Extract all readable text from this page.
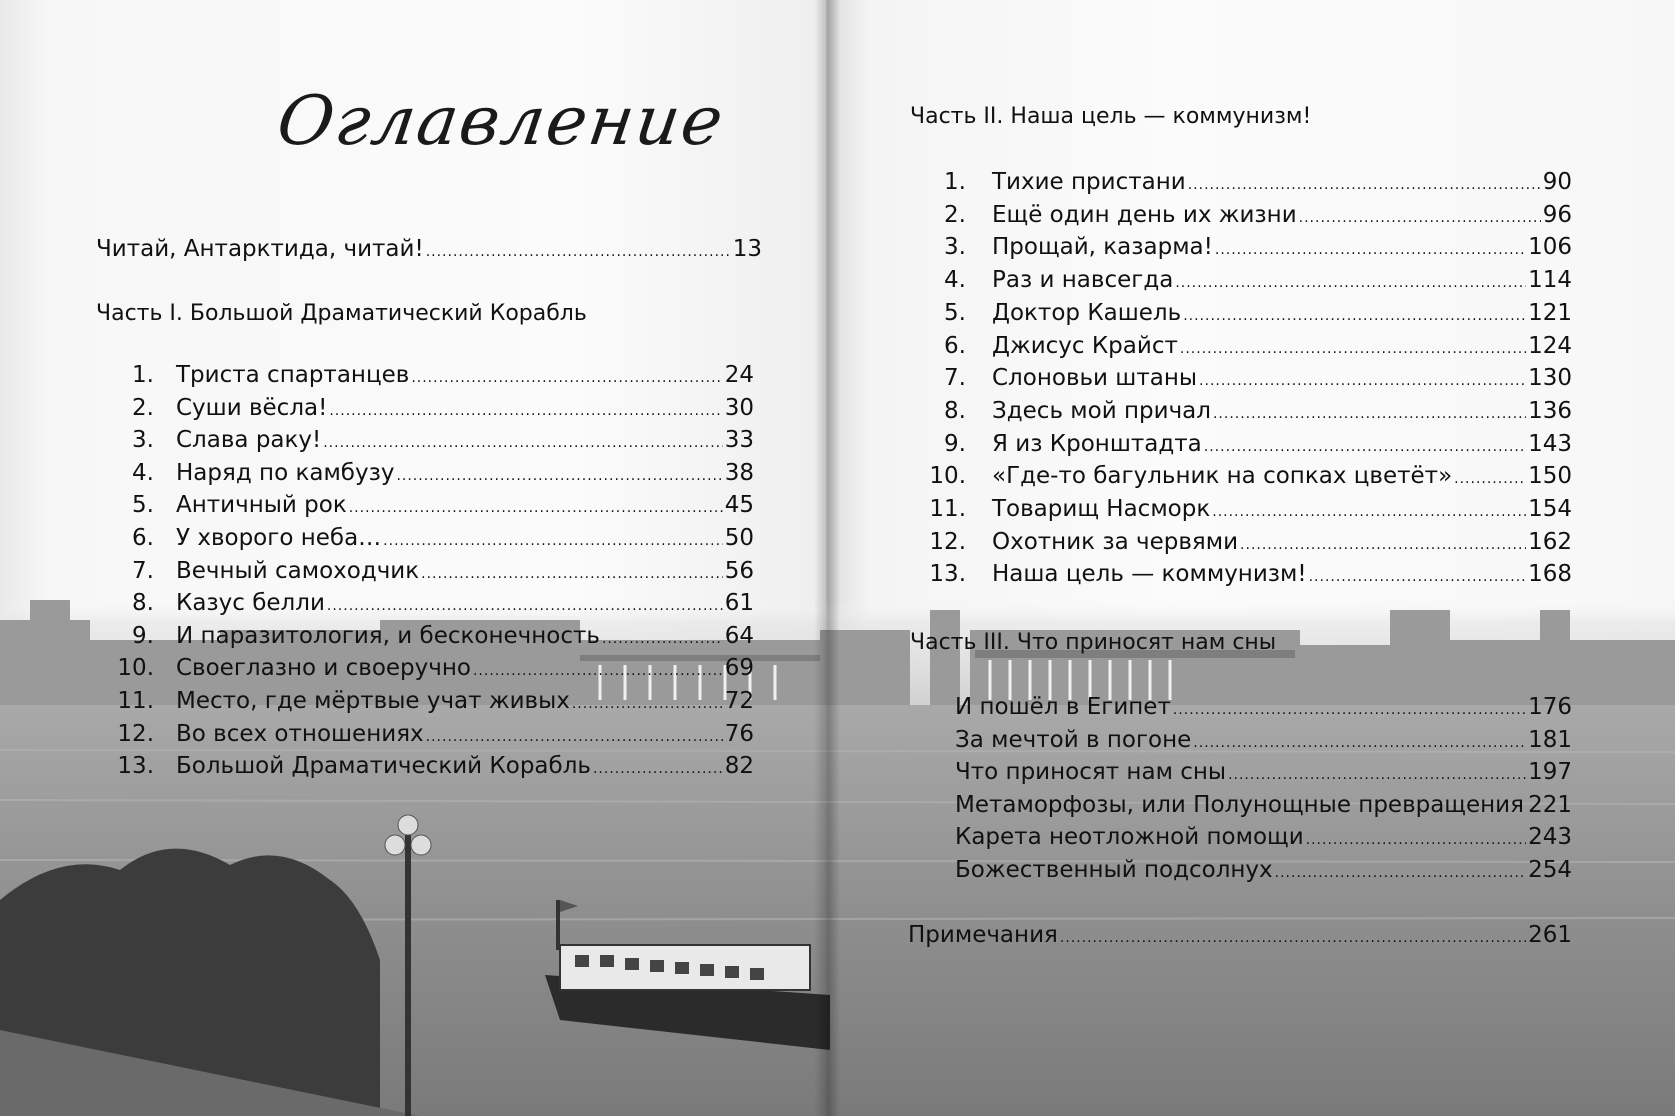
Оглавление
Читай, Антарктида, читай! .....	13
Часть I. Большой Драматический Корабль
1. Триста спартанцев .....	24
2. Суши вёсла! .....	30
3. Слава раку! .....	33
4. Наряд по камбузу .....	38
5. Античный рок .....	45
6. У хворого неба… .....	50
7. Вечный самоходчик .....	56
8. Казус белли .....	61
9. И паразитология, и бесконечность .....	64
10. Своеглазно и своеручно .....	69
11. Место, где мёртвые учат живых .....	72
12. Во всех отношениях .....	76
13. Большой Драматический Корабль .....	82
Часть II. Наша цель — коммунизм!
1. Тихие пристани .....	90
2. Ещё один день их жизни .....	96
3. Прощай, казарма! .....	106
4. Раз и навсегда .....	114
5. Доктор Кашель .....	121
6. Джисус Крайст .....	124
7. Слоновьи штаны .....	130
8. Здесь мой причал .....	136
9. Я из Кронштадта .....	143
10. «Где-то багульник на сопках цветёт» .....	150
11. Товарищ Насморк .....	154
12. Охотник за червями .....	162
13. Наша цель — коммунизм! .....	168
Часть III. Что приносят нам сны
И пошёл в Египет .....	176
За мечтой в погоне .....	181
Что приносят нам сны .....	197
Метаморфозы, или Полунощные превращения ..... 221
Карета неотложной помощи .....	243
Божественный подсолнух .....	254
Примечания .....	261
